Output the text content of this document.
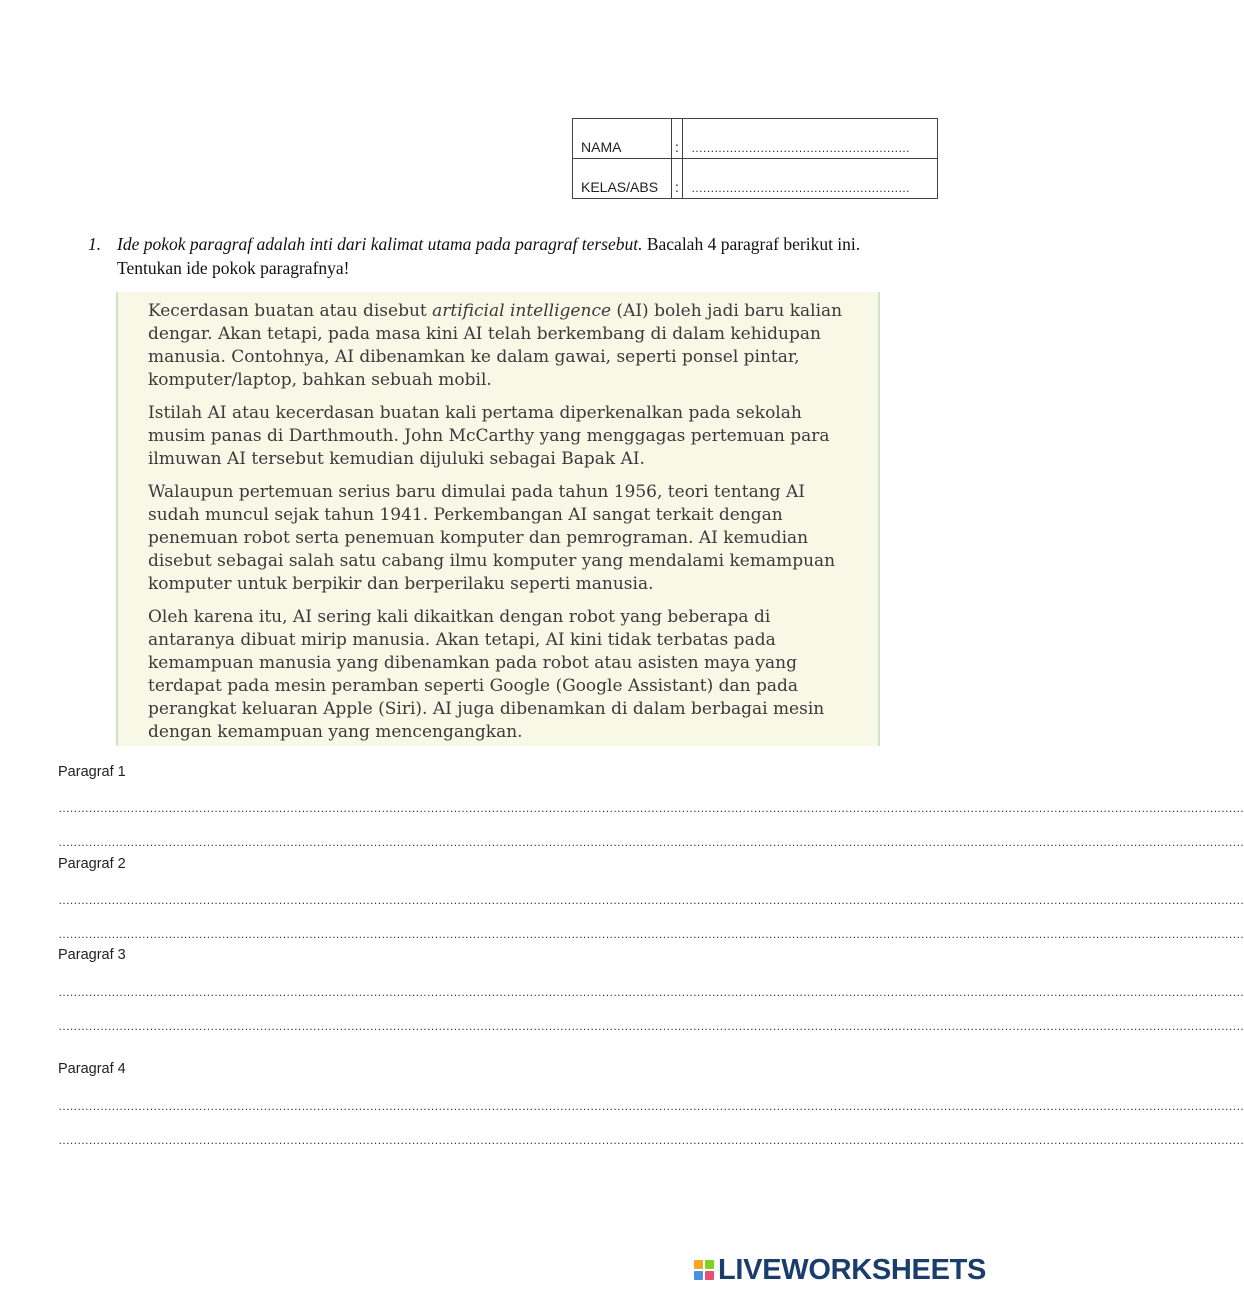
NAMA	:	…………………………………………………
KELAS/ABS	:	…………………………………………………
1. Ide pokok paragraf adalah inti dari kalimat utama pada paragraf tersebut. Bacalah 4 paragraf berikut ini. Tentukan ide pokok paragrafnya!

Kecerdasan buatan atau disebut artificial intelligence (AI) boleh jadi baru kalian dengar. Akan tetapi, pada masa kini AI telah berkembang di dalam kehidupan manusia. Contohnya, AI dibenamkan ke dalam gawai, seperti ponsel pintar, komputer/laptop, bahkan sebuah mobil.

Istilah AI atau kecerdasan buatan kali pertama diperkenalkan pada sekolah musim panas di Darthmouth. John McCarthy yang menggagas pertemuan para ilmuwan AI tersebut kemudian dijuluki sebagai Bapak AI.

Walaupun pertemuan serius baru dimulai pada tahun 1956, teori tentang AI sudah muncul sejak tahun 1941. Perkembangan AI sangat terkait dengan penemuan robot serta penemuan komputer dan pemrograman. AI kemudian disebut sebagai salah satu cabang ilmu komputer yang mendalami kemampuan komputer untuk berpikir dan berperilaku seperti manusia.

Oleh karena itu, AI sering kali dikaitkan dengan robot yang beberapa di antaranya dibuat mirip manusia. Akan tetapi, AI kini tidak terbatas pada kemampuan manusia yang dibenamkan pada robot atau asisten maya yang terdapat pada mesin peramban seperti Google (Google Assistant) dan pada perangkat keluaran Apple (Siri). AI juga dibenamkan di dalam berbagai mesin dengan kemampuan yang mencengangkan.

Paragraf 1
……………………………………………………………………………………………………………………………………………………………………………………………………………………………………………………………………………………
……………………………………………………………………………………………………………………………………………………………………………………………………………………………………………………………………………………
Paragraf 2
……………………………………………………………………………………………………………………………………………………………………………………………………………………………………………………………………………………
……………………………………………………………………………………………………………………………………………………………………………………………………………………………………………………………………………………
Paragraf 3
……………………………………………………………………………………………………………………………………………………………………………………………………………………………………………………………………………………
……………………………………………………………………………………………………………………………………………………………………………………………………………………………………………………………………………………
Paragraf 4
……………………………………………………………………………………………………………………………………………………………………………………………………………………………………………………………………………………
……………………………………………………………………………………………………………………………………………………………………………………………………………………………………………………………………………………
LIVEWORKSHEETS
